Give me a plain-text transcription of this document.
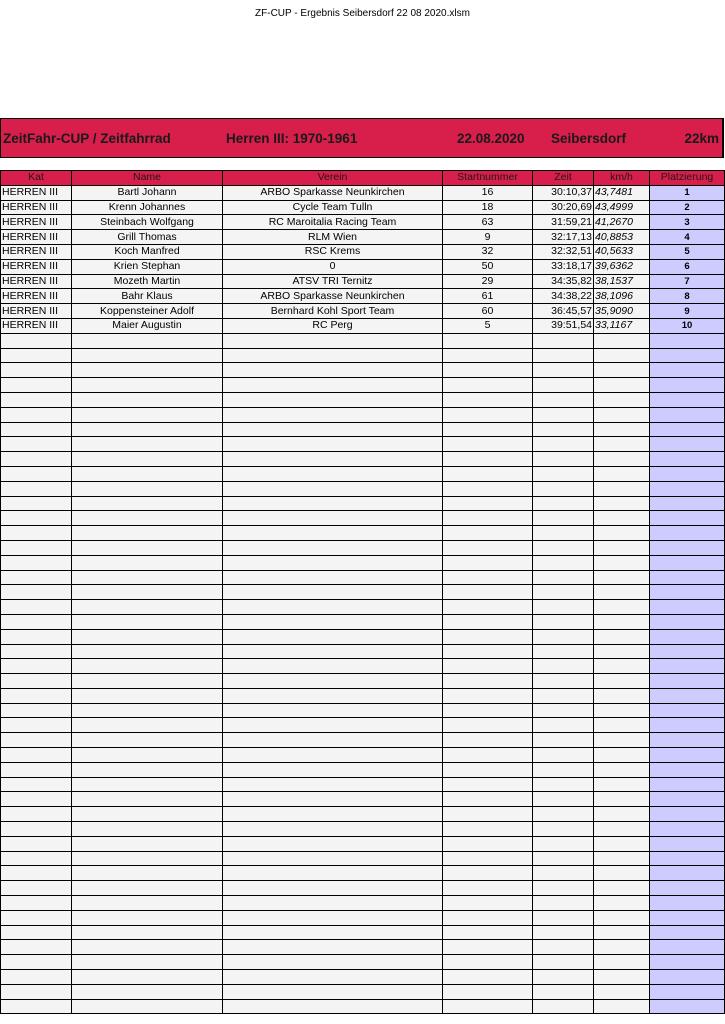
ZF-CUP - Ergebnis Seibersdorf 22 08 2020.xlsm
ZeitFahr-CUP / Zeitfahrrad	Herren III: 1970-1961	22.08.2020 Seibersdorf	22km
Kat	Name	Verein	Startnummer	Zeit	km/h	Platzierung
HERREN III	Bartl Johann	ARBO Sparkasse Neunkirchen	16	30:10,37	43,7481	1
HERREN III	Krenn Johannes	Cycle Team Tulln	18	30:20,69	43,4999	2
HERREN III	Steinbach Wolfgang	RC Maroitalia Racing Team	63	31:59,21	41,2670	3
HERREN III	Grill Thomas	RLM Wien	9	32:17,13	40,8853	4
HERREN III	Koch Manfred	RSC Krems	32	32:32,51	40,5633	5
HERREN III	Krien Stephan	0	50	33:18,17	39,6362	6
HERREN III	Mozeth Martin	ATSV TRI Ternitz	29	34:35,82	38,1537	7
HERREN III	Bahr Klaus	ARBO Sparkasse Neunkirchen	61	34:38,22	38,1096	8
HERREN III	Koppensteiner Adolf	Bernhard Kohl Sport Team	60	36:45,57	35,9090	9
HERREN III	Maier Augustin	RC Perg	5	39:51,54	33,1167	10
